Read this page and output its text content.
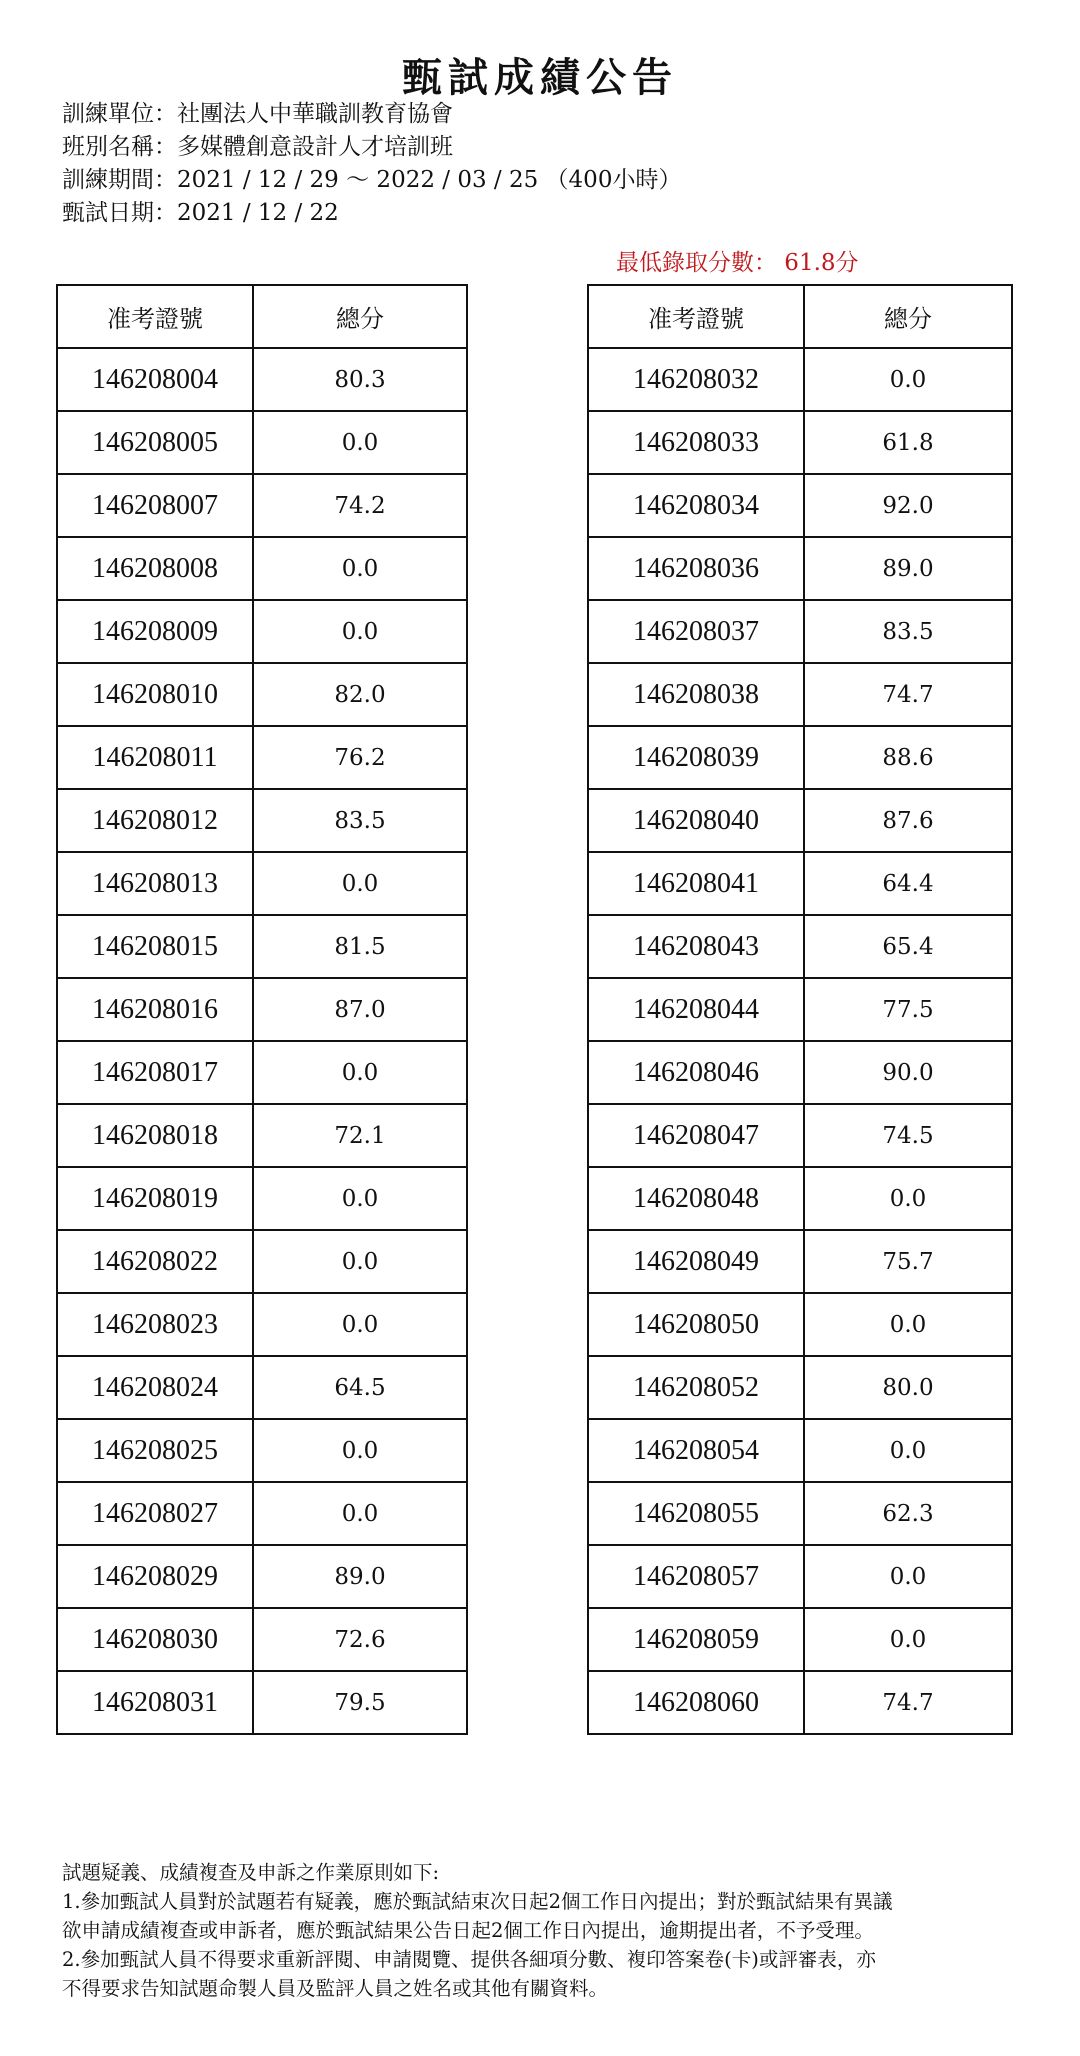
甄試成績公告
訓練單位：社團法人中華職訓教育協會
班別名稱：多媒體創意設計人才培訓班
訓練期間：2021 / 12 / 29 ～ 2022 / 03 / 25 （400小時）
甄試日期：2021 / 12 / 22
最低錄取分數： 61.8分
准考證號	總分
146208004	80.3
146208005	0.0
146208007	74.2
146208008	0.0
146208009	0.0
146208010	82.0
146208011	76.2
146208012	83.5
146208013	0.0
146208015	81.5
146208016	87.0
146208017	0.0
146208018	72.1
146208019	0.0
146208022	0.0
146208023	0.0
146208024	64.5
146208025	0.0
146208027	0.0
146208029	89.0
146208030	72.6
146208031	79.5
准考證號	總分
146208032	0.0
146208033	61.8
146208034	92.0
146208036	89.0
146208037	83.5
146208038	74.7
146208039	88.6
146208040	87.6
146208041	64.4
146208043	65.4
146208044	77.5
146208046	90.0
146208047	74.5
146208048	0.0
146208049	75.7
146208050	0.0
146208052	80.0
146208054	0.0
146208055	62.3
146208057	0.0
146208059	0.0
146208060	74.7
試題疑義、成績複查及申訴之作業原則如下:
1.參加甄試人員對於試題若有疑義，應於甄試結束次日起2個工作日內提出；對於甄試結果有異議
欲申請成績複查或申訴者，應於甄試結果公告日起2個工作日內提出，逾期提出者，不予受理。
2.參加甄試人員不得要求重新評閱、申請閱覽、提供各細項分數、複印答案卷(卡)或評審表，亦
不得要求告知試題命製人員及監評人員之姓名或其他有關資料。
